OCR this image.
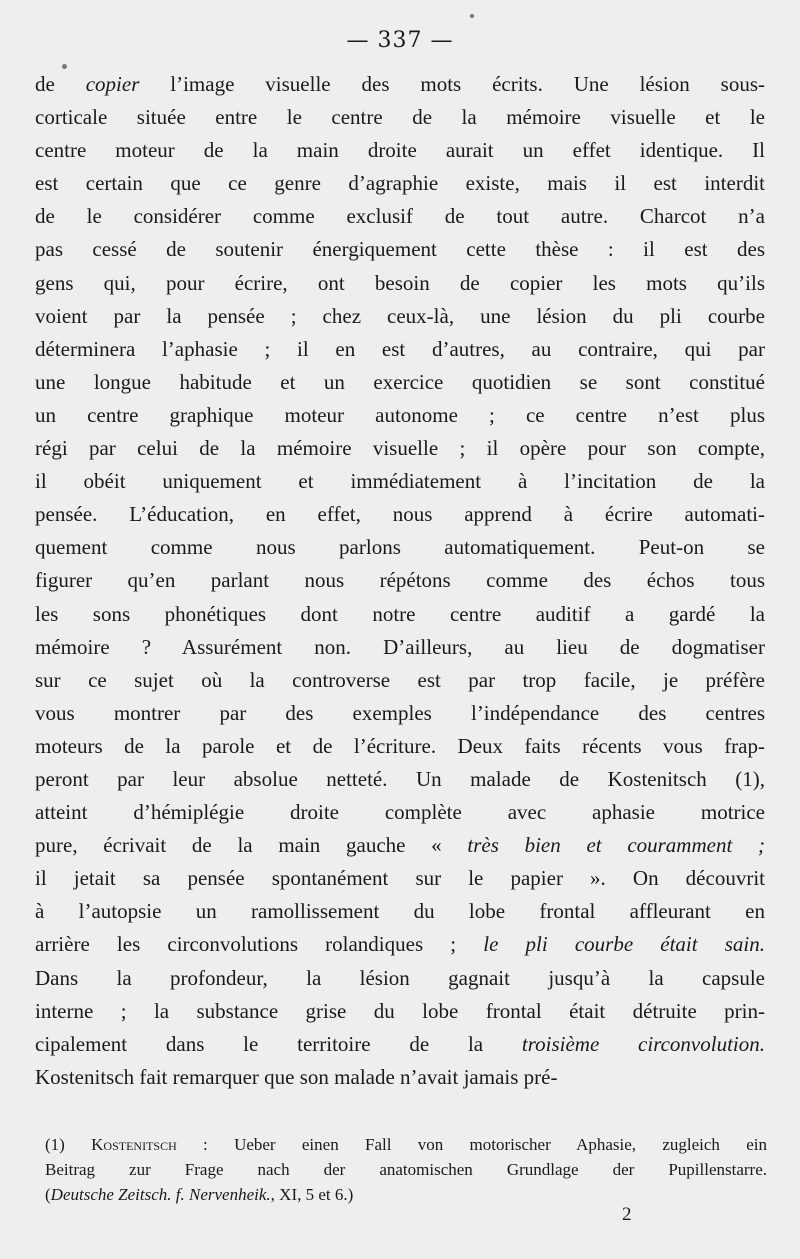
— 337 —
de copier l’image visuelle des mots écrits. Une lésion sous-
corticale située entre le centre de la mémoire visuelle et le
centre moteur de la main droite aurait un effet identique. Il
est certain que ce genre d’agraphie existe, mais il est interdit
de le considérer comme exclusif de tout autre. Charcot n’a
pas cessé de soutenir énergiquement cette thèse : il est des
gens qui, pour écrire, ont besoin de copier les mots qu’ils
voient par la pensée ; chez ceux-là, une lésion du pli courbe
déterminera l’aphasie ; il en est d’autres, au contraire, qui par
une longue habitude et un exercice quotidien se sont constitué
un centre graphique moteur autonome ; ce centre n’est plus
régi par celui de la mémoire visuelle ; il opère pour son compte,
il obéit uniquement et immédiatement à l’incitation de la
pensée. L’éducation, en effet, nous apprend à écrire automati-
quement comme nous parlons automatiquement. Peut-on se
figurer qu’en parlant nous répétons comme des échos tous
les sons phonétiques dont notre centre auditif a gardé la
mémoire ? Assurément non. D’ailleurs, au lieu de dogmatiser
sur ce sujet où la controverse est par trop facile, je préfère
vous montrer par des exemples l’indépendance des centres
moteurs de la parole et de l’écriture. Deux faits récents vous frap-
peront par leur absolue netteté. Un malade de Kostenitsch (1),
atteint d’hémiplégie droite complète avec aphasie motrice
pure, écrivait de la main gauche « très bien et couramment ;
il jetait sa pensée spontanément sur le papier ». On découvrit
à l’autopsie un ramollissement du lobe frontal affleurant en
arrière les circonvolutions rolandiques ; le pli courbe était sain.
Dans la profondeur, la lésion gagnait jusqu’à la capsule
interne ; la substance grise du lobe frontal était détruite prin-
cipalement dans le territoire de la troisième circonvolution.
Kostenitsch fait remarquer que son malade n’avait jamais pré-
(1) Kostenitsch : Ueber einen Fall von motorischer Aphasie, zugleich ein
Beitrag zur Frage nach der anatomischen Grundlage der Pupillenstarre.
(Deutsche Zeitsch. f. Nervenheik., XI, 5 et 6.)
2
